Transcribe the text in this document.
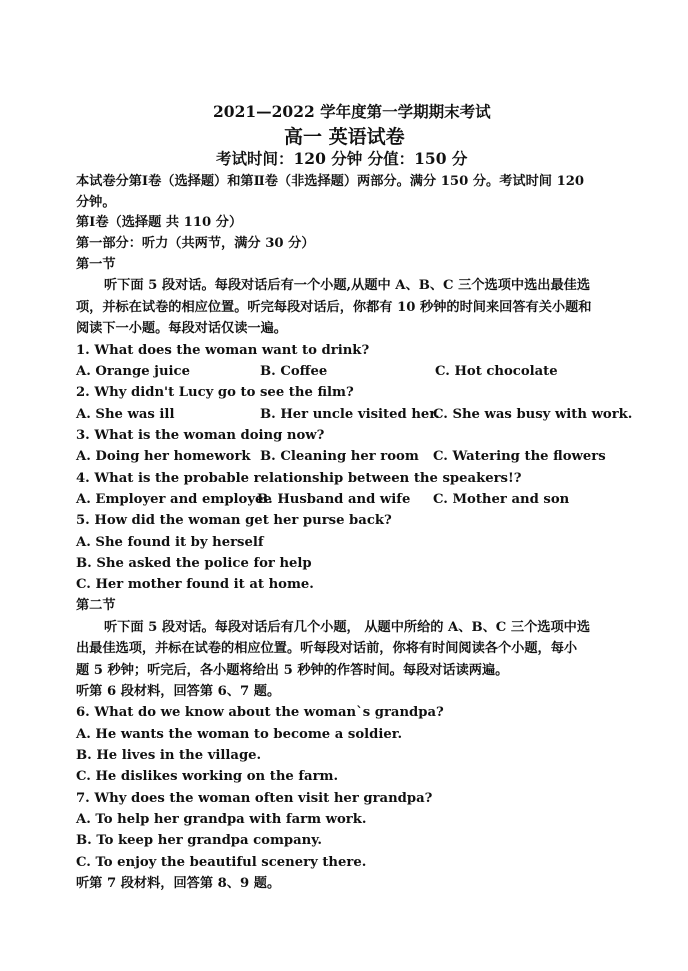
2021—2022 学年度第一学期期末考试
高一 英语试卷
考试时间：120 分钟 分值：150 分
本试卷分第Ⅰ卷（选择题）和第Ⅱ卷（非选择题）两部分。满分 150 分。考试时间 120
分钟。
第Ⅰ卷（选择题 共 110 分）
第一部分：听力（共两节，满分 30 分）
第一节
听下面 5 段对话。每段对话后有一个小题,从题中 A、B、C 三个选项中选出最佳选
项，并标在试卷的相应位置。听完每段对话后，你都有 10 秒钟的时间来回答有关小题和
阅读下一小题。每段对话仅读一遍。
1. What does the woman want to drink?
A. Orange juice	B. Coffee	C. Hot chocolate
2. Why didn't Lucy go to see the film?
A. She was ill	B. Her uncle visited her.
C. She was busy with work.
3. What is the woman doing now?
A. Doing her homework B. Cleaning her room C. Watering the flowers
4. What is the probable relationship between the speakers!?
A. Employer and employee
B. Husband and wife C. Mother and son
5. How did the woman get her purse back?
A. She found it by herself
B. She asked the police for help
C. Her mother found it at home.
第二节
听下面 5 段对话。每段对话后有几个小题， 从题中所给的 A、B、C 三个选项中选
出最佳选项，并标在试卷的相应位置。听每段对话前，你将有时间阅读各个小题，每小
题 5 秒钟；听完后，各小题将给出 5 秒钟的作答时间。每段对话读两遍。
听第 6 段材料，回答第 6、7 题。
6. What do we know about the woman`s grandpa?
A. He wants the woman to become a soldier.
B. He lives in the village.
C. He dislikes working on the farm.
7. Why does the woman often visit her grandpa?
A. To help her grandpa with farm work.
B. To keep her grandpa company.
C. To enjoy the beautiful scenery there.
听第 7 段材料，回答第 8、9 题。
